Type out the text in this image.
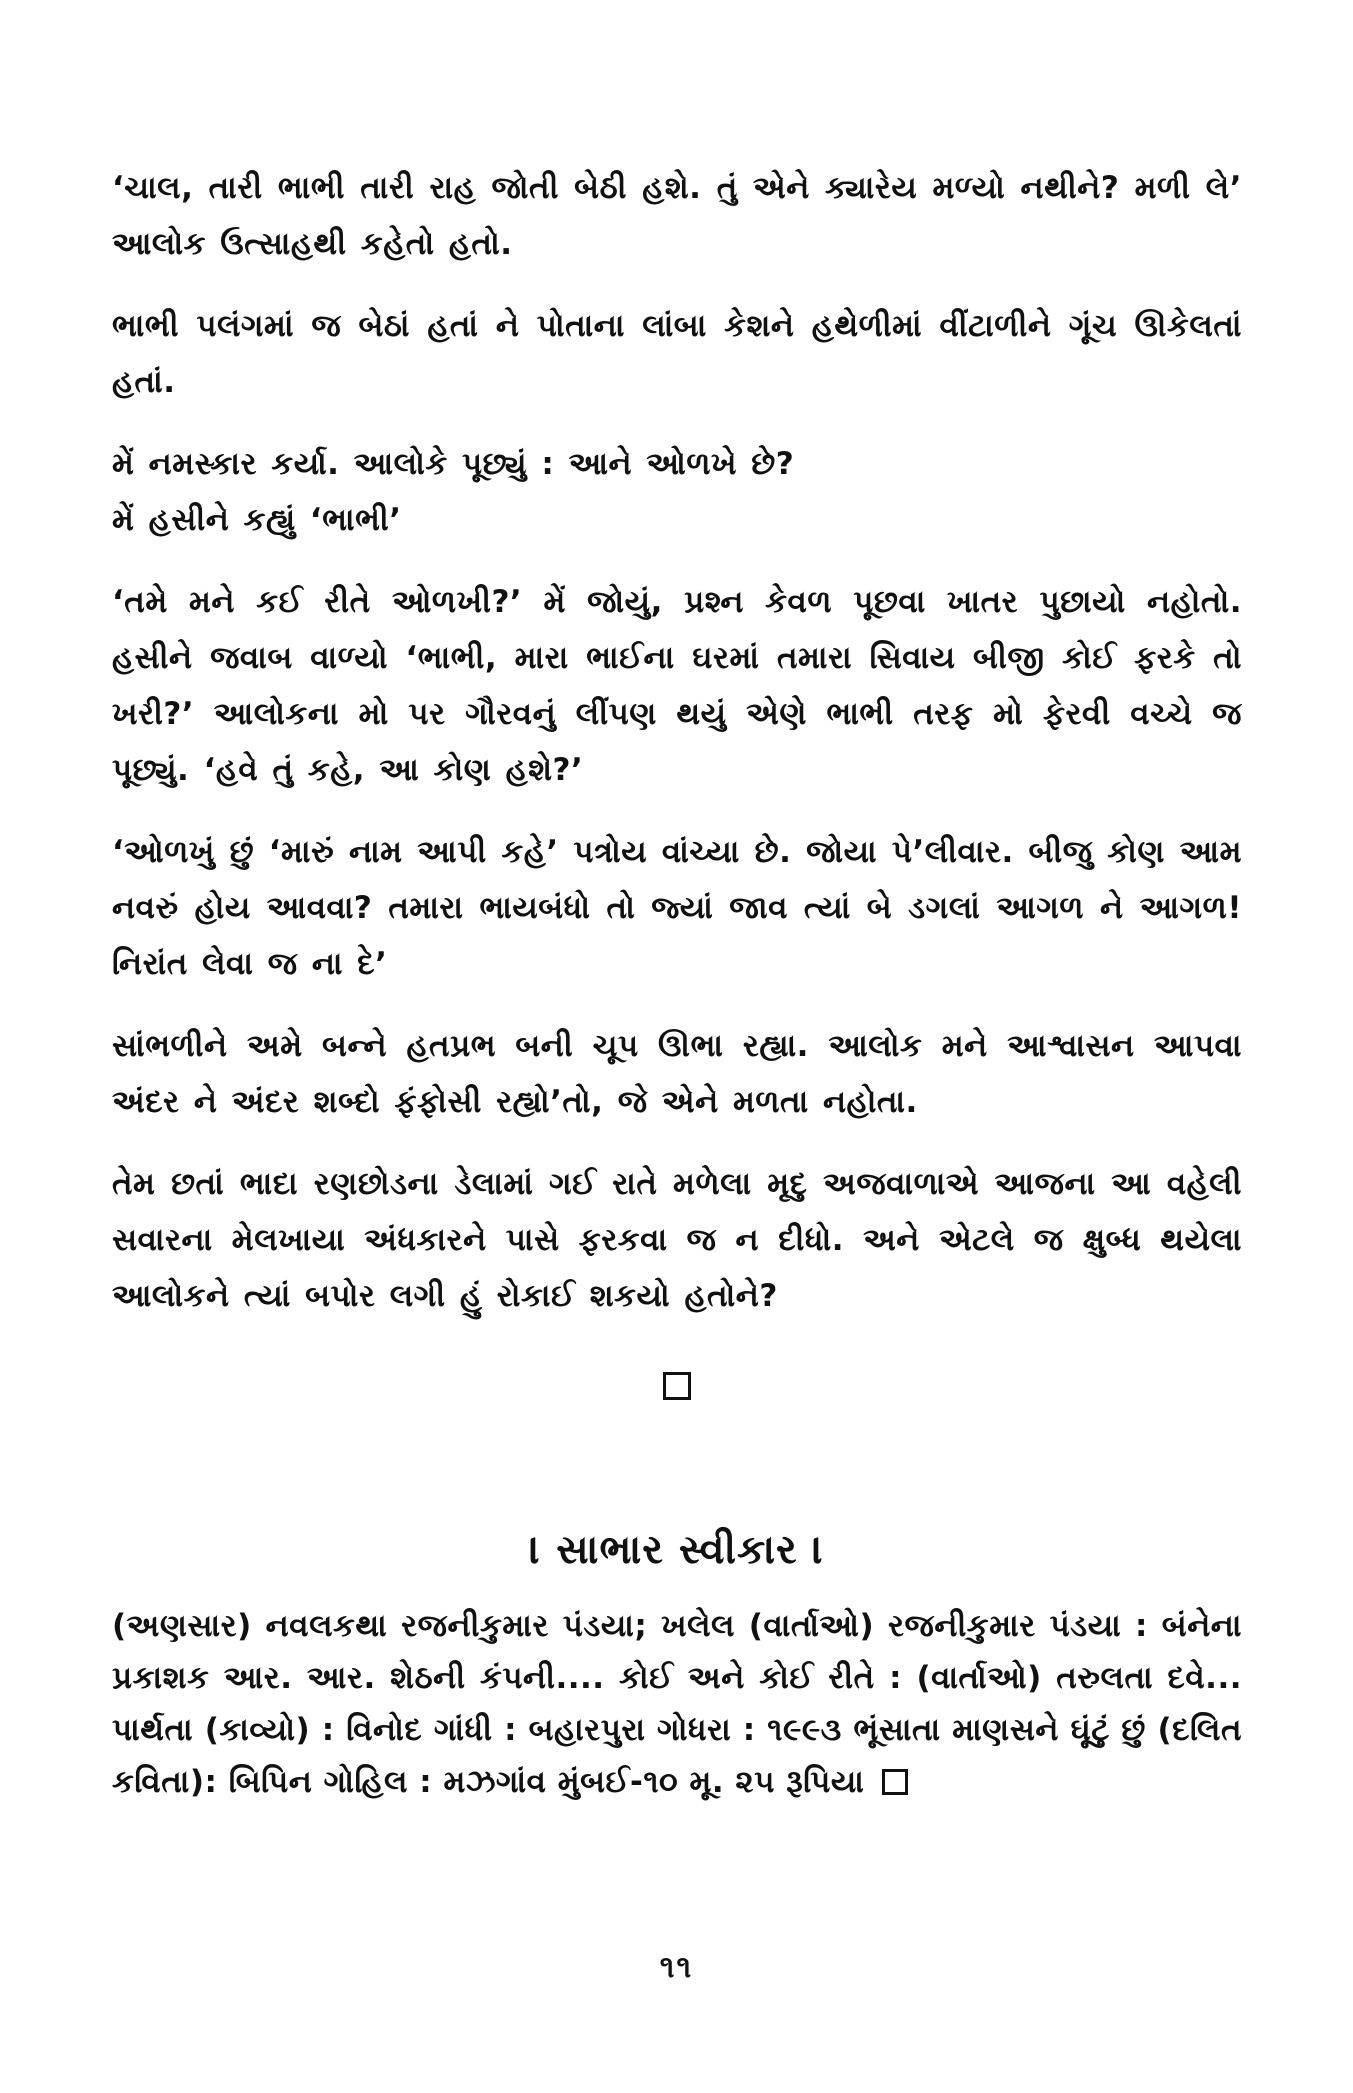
‘ચાલ, તારી ભાભી તારી રાહ જોતી બેઠી હશે. તું એને ક્યારેય મળ્યો નથીને? મળી લે’ આલોક ઉત્સાહથી કહેતો હતો.

ભાભી પલંગમાં જ બેઠાં હતાં ને પોતાના લાંબા કેશને હથેળીમાં વીંટાળીને ગૂંચ ઊકેલતાં હતાં.

મેં નમસ્કાર કર્યા. આલોકે પૂછ્યું : આને ઓળખે છે?

મેં હસીને કહ્યું ‘ભાભી’

‘તમે મને કઈ રીતે ઓળખી?’ મેં જોયું, પ્રશ્ન કેવળ પૂછવા ખાતર પુછાયો નહોતો. હસીને જવાબ વાળ્યો ‘ભાભી, મારા ભાઈના ઘરમાં તમારા સિવાય બીજી કોઈ ફરકે તો ખરી?’ આલોકના મો પર ગૌરવનું લીંપણ થયું એણે ભાભી તરફ મો ફેરવી વચ્ચે જ પૂછ્યું. ‘હવે તું કહે, આ કોણ હશે?’

‘ઓળખું છું ‘મારું નામ આપી કહે’ પત્રોય વાંચ્યા છે. જોયા પે’લીવાર. બીજુ કોણ આમ નવરું હોય આવવા? તમારા ભાયબંધો તો જ્યાં જાવ ત્યાં બે ડગલાં આગળ ને આગળ! નિરાંત લેવા જ ના દે’

સાંભળીને અમે બન્ને હતપ્રભ બની ચૂપ ઊભા રહ્યા. આલોક મને આશ્વાસન આપવા અંદર ને અંદર શબ્દો ફંફોસી રહ્યો’તો, જે એને મળતા નહોતા.

તેમ છતાં ભાદા રણછોડના ડેલામાં ગઈ રાતે મળેલા મૃદુ અજવાળાએ આજના આ વહેલી સવારના મેલખાયા અંધકારને પાસે ફરકવા જ ન દીધો. અને એટલે જ ક્ષુબ્ધ થયેલા આલોકને ત્યાં બપોર લગી હું રોકાઈ શકયો હતોને?

। સાભાર સ્વીકાર ।

(અણસાર) નવલકથા રજનીકુમાર પંડયા; ખલેલ (વાર્તાઓ) રજનીકુમાર પંડયા : બંનેના પ્રકાશક આર. આર. શેઠની કંપની.... કોઈ અને કોઈ રીતે : (વાર્તાઓ) તરુલતા દવે... પાર્થતા (કાવ્યો) : વિનોદ ગાંધી : બહારપુરા ગોધરા : ૧૯૯૩ ભૂંસાતા માણસને ઘૂંટું છું (દલિત કવિતા): બિપિન ગોહિલ : મઝગાંવ મુંબઈ-૧૦ મૂ. ૨૫ રૂપિયા

૧૧
